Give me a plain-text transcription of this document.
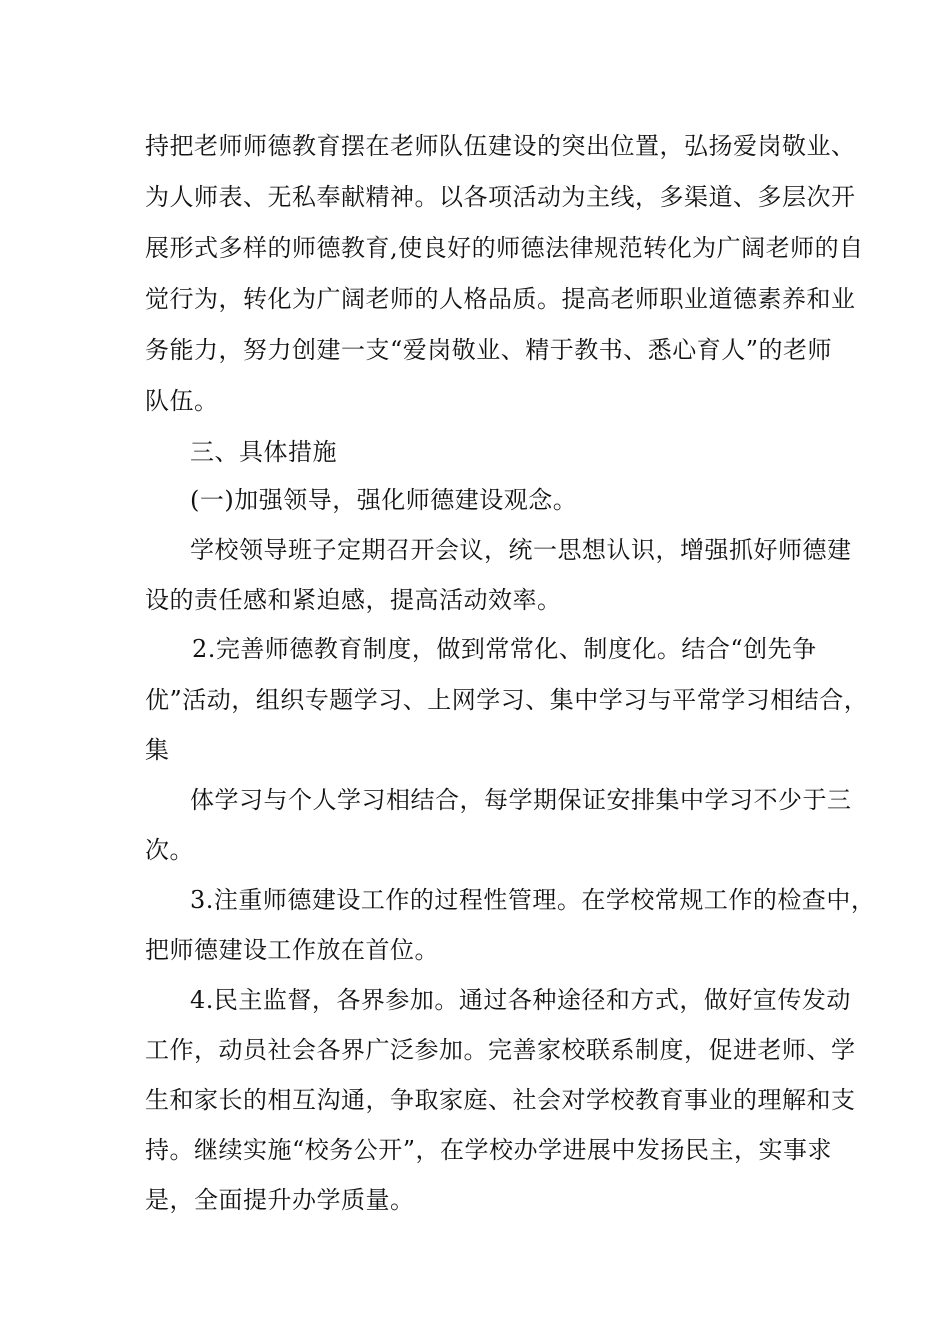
持把老师师德教育摆在老师队伍建设的突出位置，弘扬爱岗敬业、
为人师表、无私奉献精神。以各项活动为主线，多渠道、多层次开
展形式多样的师德教育,使良好的师德法律规范转化为广阔老师的自
觉行为，转化为广阔老师的人格品质。提高老师职业道德素养和业
务能力，努力创建一支“爱岗敬业、精于教书、悉心育人”的老师
队伍。
三、具体措施
(一)加强领导，强化师德建设观念。
学校领导班子定期召开会议，统一思想认识，增强抓好师德建
设的责任感和紧迫感，提高活动效率。
2.完善师德教育制度，做到常常化、制度化。结合“创先争
优”活动，组织专题学习、上网学习、集中学习与平常学习相结合，
集
体学习与个人学习相结合，每学期保证安排集中学习不少于三
次。
3.注重师德建设工作的过程性管理。在学校常规工作的检查中，
把师德建设工作放在首位。
4.民主监督，各界参加。通过各种途径和方式，做好宣传发动
工作，动员社会各界广泛参加。完善家校联系制度，促进老师、学
生和家长的相互沟通，争取家庭、社会对学校教育事业的理解和支
持。继续实施“校务公开”，在学校办学进展中发扬民主，实事求
是，全面提升办学质量。
